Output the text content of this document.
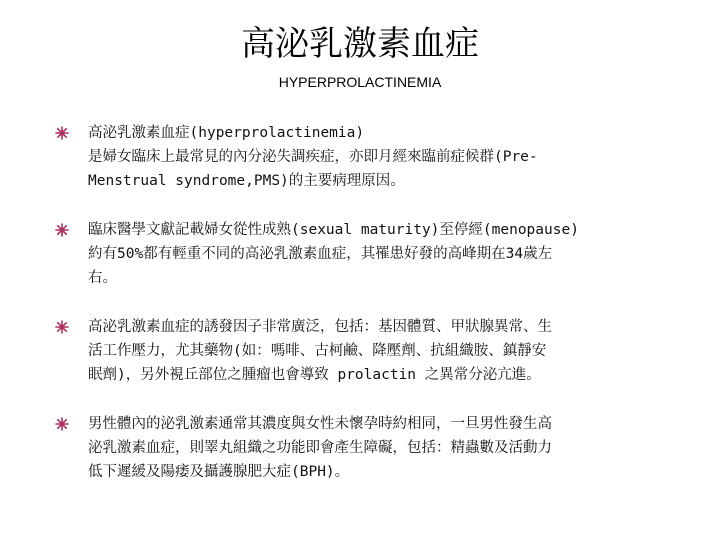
高泌乳激素血症
HYPERPROLACTINEMIA
高泌乳激素血症(hyperprolactinemia)
是婦女臨床上最常見的內分泌失調疾症，亦即月經來臨前症候群(Pre-
Menstrual syndrome,PMS)的主要病理原因。
臨床醫學文獻記載婦女從性成熟(sexual maturity)至停經(menopause)
約有50%都有輕重不同的高泌乳激素血症，其罹患好發的高峰期在34歲左
右。
高泌乳激素血症的誘發因子非常廣泛，包括：基因體質、甲狀腺異常、生
活工作壓力，尤其藥物(如：嗎啡、古柯鹼、降壓劑、抗組織胺、鎮靜安
眠劑)，另外視丘部位之腫瘤也會導致 prolactin 之異常分泌亢進。
男性體內的泌乳激素通常其濃度與女性未懷孕時約相同，一旦男性發生高
泌乳激素血症，則睪丸組織之功能即會產生障礙，包括：精蟲數及活動力
低下遲緩及陽痿及攝護腺肥大症(BPH)。
